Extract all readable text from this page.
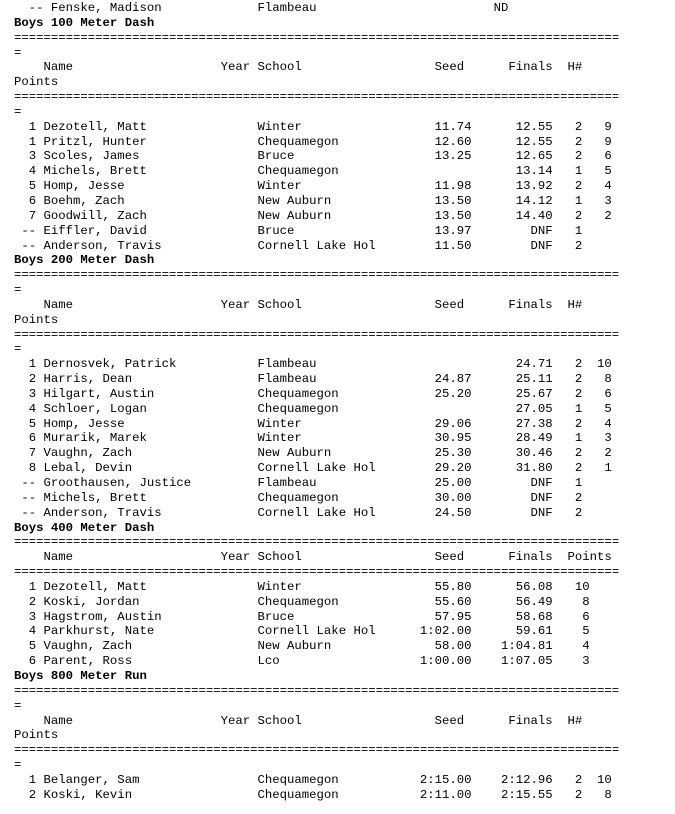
-- Fenske, Madison             Flambeau                        ND
Boys 100 Meter Dash
==================================================================================
=
Name                    Year School                  Seed      Finals  H#
Points
==================================================================================
=
1 Dezotell, Matt               Winter                  11.74      12.55   2   9
1 Pritzl, Hunter               Chequamegon             12.60      12.55   2   9
3 Scoles, James                Bruce                   13.25      12.65   2   6
4 Michels, Brett               Chequamegon                        13.14   1   5
5 Homp, Jesse                  Winter                  11.98      13.92   2   4
6 Boehm, Zach                  New Auburn              13.50      14.12   1   3
7 Goodwill, Zach               New Auburn              13.50      14.40   2   2
-- Eiffler, David               Bruce                   13.97        DNF   1
-- Anderson, Travis             Cornell Lake Hol        11.50        DNF   2
Boys 200 Meter Dash
==================================================================================
=
Name                    Year School                  Seed      Finals  H#
Points
==================================================================================
=
1 Dernosvek, Patrick           Flambeau                           24.71   2  10
2 Harris, Dean                 Flambeau                24.87      25.11   2   8
3 Hilgart, Austin              Chequamegon             25.20      25.67   2   6
4 Schloer, Logan               Chequamegon                        27.05   1   5
5 Homp, Jesse                  Winter                  29.06      27.38   2   4
6 Murarik, Marek               Winter                  30.95      28.49   1   3
7 Vaughn, Zach                 New Auburn              25.30      30.46   2   2
8 Lebal, Devin                 Cornell Lake Hol        29.20      31.80   2   1
-- Groothausen, Justice         Flambeau                25.00        DNF   1
-- Michels, Brett               Chequamegon             30.00        DNF   2
-- Anderson, Travis             Cornell Lake Hol        24.50        DNF   2
Boys 400 Meter Dash
==================================================================================
Name                    Year School                  Seed      Finals  Points
==================================================================================
1 Dezotell, Matt               Winter                  55.80      56.08   10
2 Koski, Jordan                Chequamegon             55.60      56.49    8
3 Hagstrom, Austin             Bruce                   57.95      58.68    6
4 Parkhurst, Nate              Cornell Lake Hol      1:02.00      59.61    5
5 Vaughn, Zach                 New Auburn              58.00    1:04.81    4
6 Parent, Ross                 Lco                   1:00.00    1:07.05    3
Boys 800 Meter Run
==================================================================================
=
Name                    Year School                  Seed      Finals  H#
Points
==================================================================================
=
1 Belanger, Sam                Chequamegon           2:15.00    2:12.96   2  10
2 Koski, Kevin                 Chequamegon           2:11.00    2:15.55   2   8
